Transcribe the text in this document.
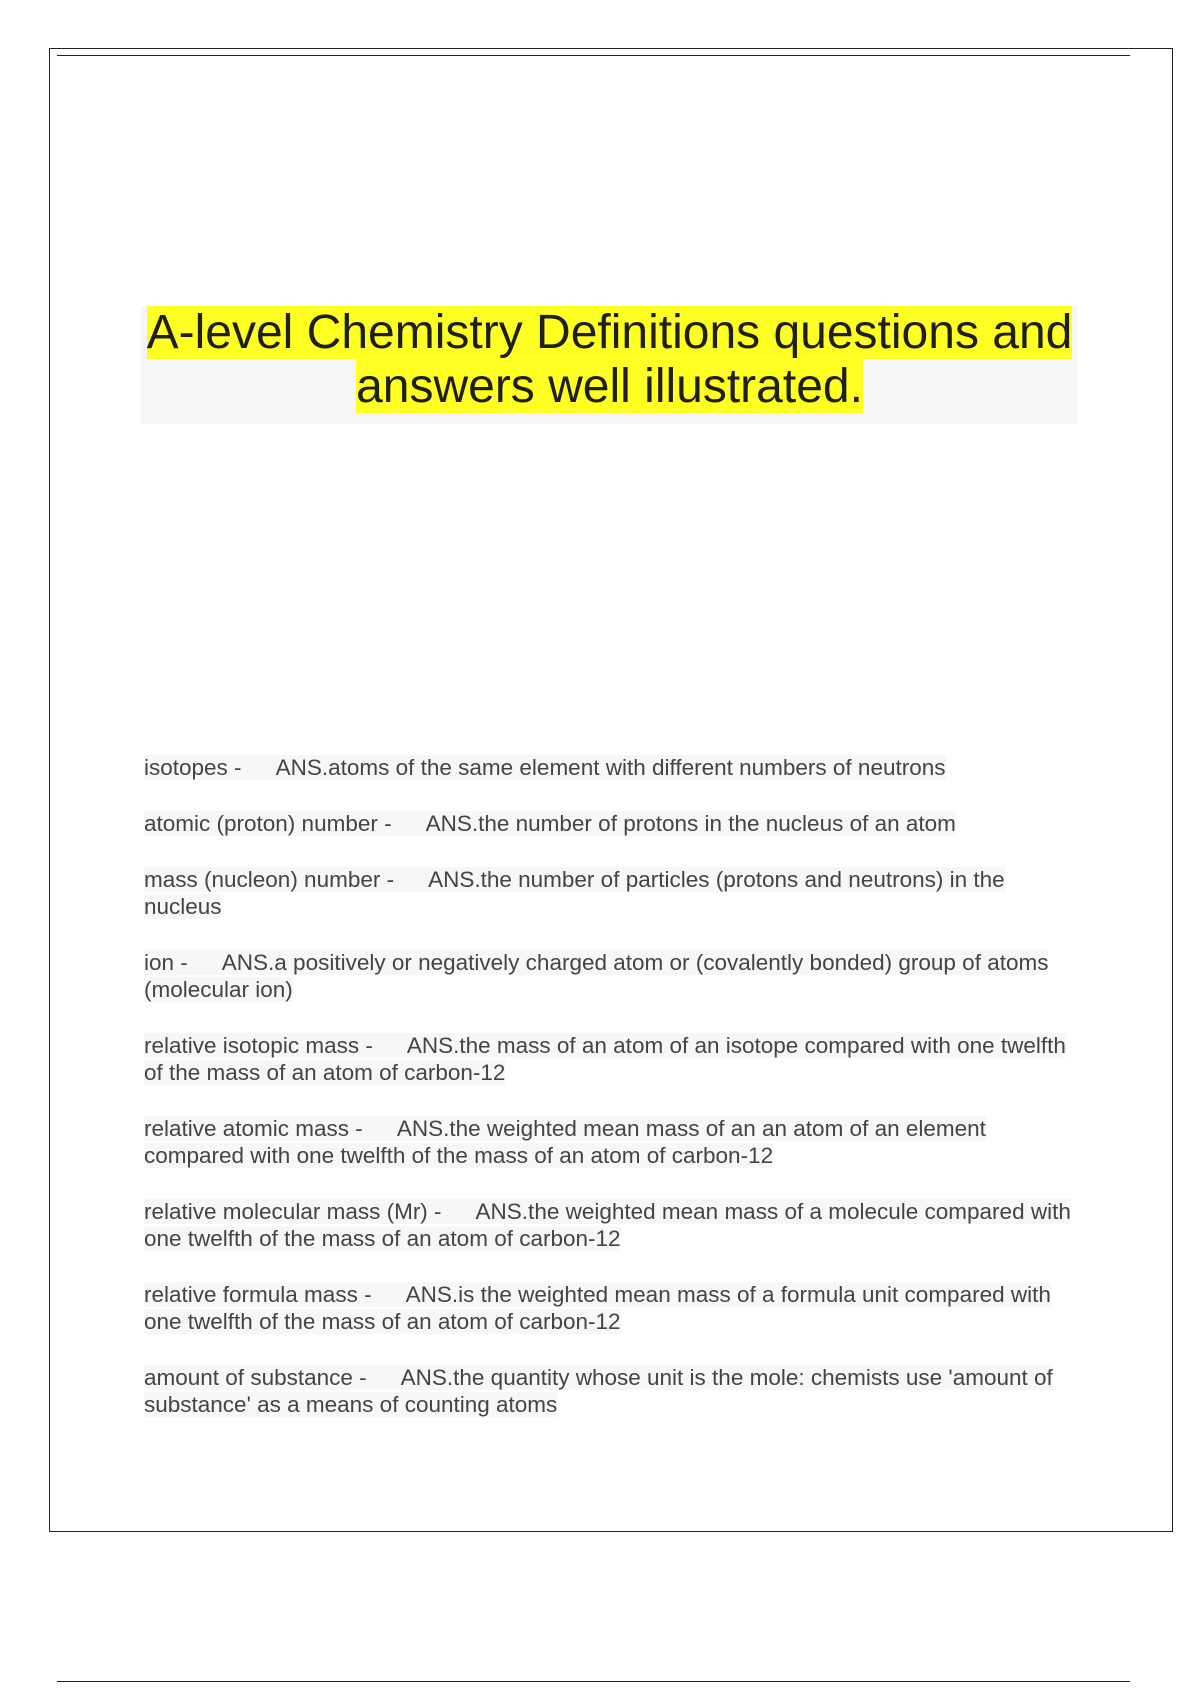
A-level Chemistry Definitions questions and answers well illustrated.
isotopes - ANS.atoms of the same element with different numbers of neutrons
atomic (proton) number - ANS.the number of protons in the nucleus of an atom
mass (nucleon) number - ANS.the number of particles (protons and neutrons) in the nucleus
ion - ANS.a positively or negatively charged atom or (covalently bonded) group of atoms (molecular ion)
relative isotopic mass - ANS.the mass of an atom of an isotope compared with one twelfth of the mass of an atom of carbon-12
relative atomic mass - ANS.the weighted mean mass of an an atom of an element compared with one twelfth of the mass of an atom of carbon-12
relative molecular mass (Mr) - ANS.the weighted mean mass of a molecule compared with one twelfth of the mass of an atom of carbon-12
relative formula mass - ANS.is the weighted mean mass of a formula unit compared with one twelfth of the mass of an atom of carbon-12
amount of substance - ANS.the quantity whose unit is the mole: chemists use 'amount of substance' as a means of counting atoms
